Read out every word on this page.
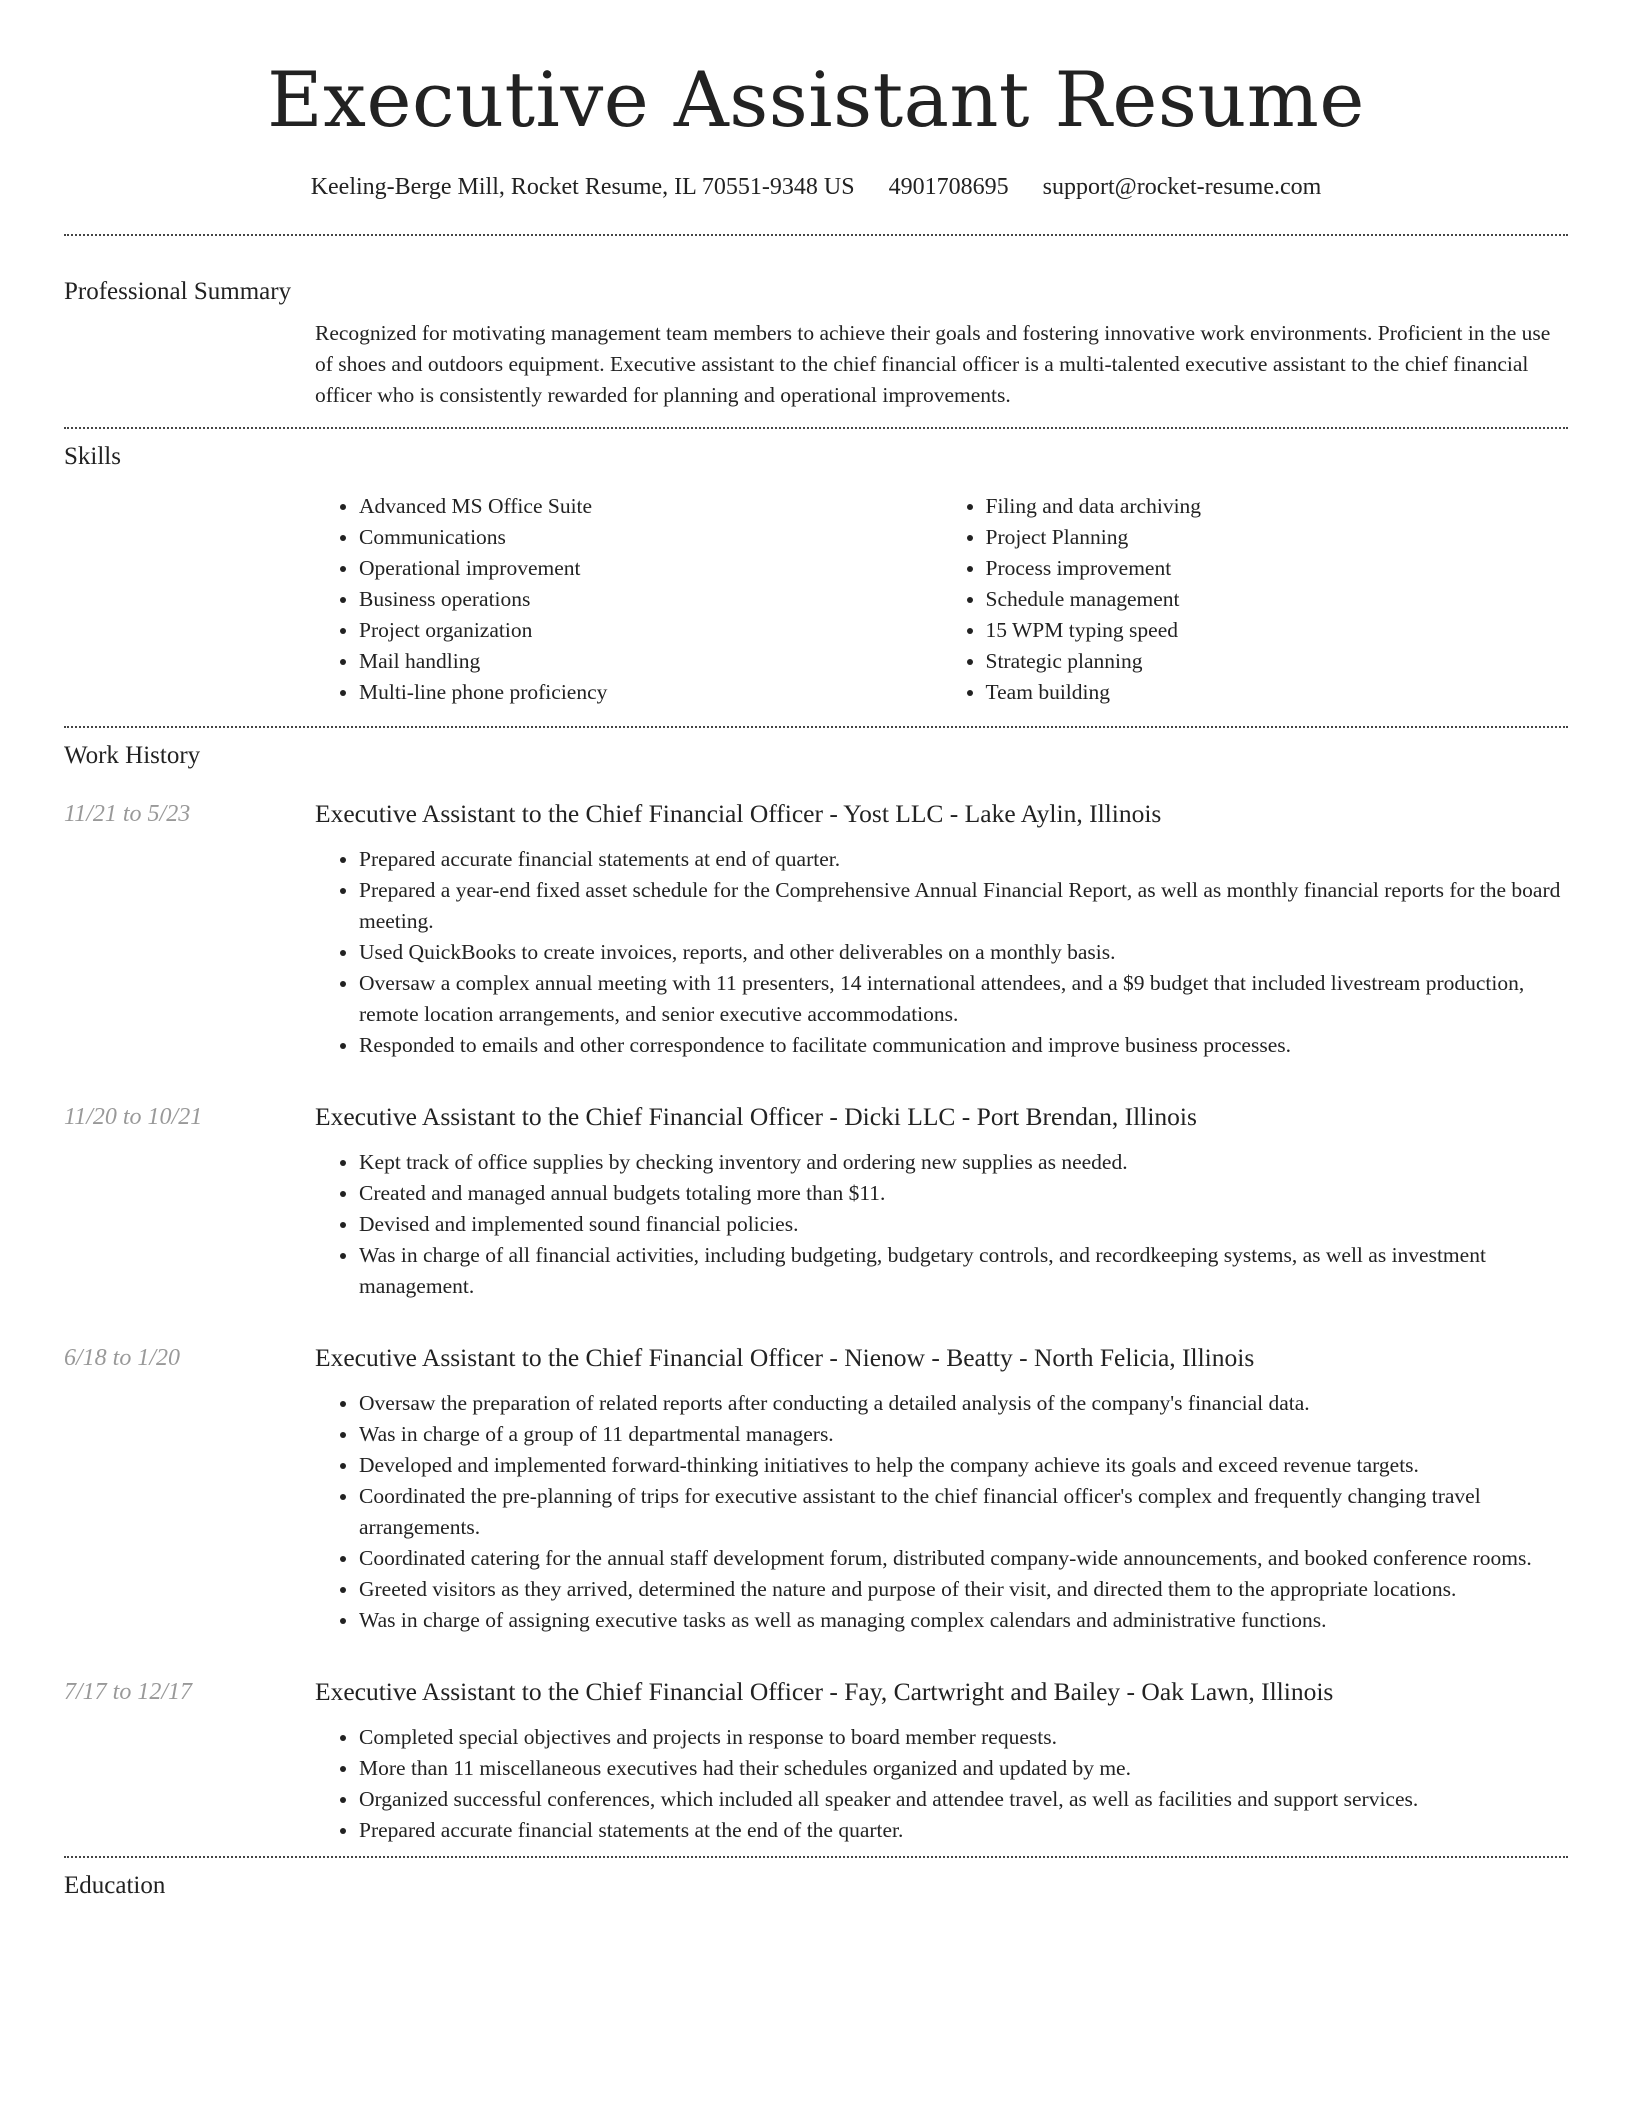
Executive Assistant Resume
Keeling-Berge Mill, Rocket Resume, IL 70551-9348 US 4901708695 support@rocket-resume.com
Professional Summary
Recognized for motivating management team members to achieve their goals and fostering innovative work environments. Proficient in the use of shoes and outdoors equipment. Executive assistant to the chief financial officer is a multi-talented executive assistant to the chief financial officer who is consistently rewarded for planning and operational improvements.
Skills
• Advanced MS Office Suite
• Communications
• Operational improvement
• Business operations
• Project organization
• Mail handling
• Multi-line phone proficiency
• Filing and data archiving
• Project Planning
• Process improvement
• Schedule management
• 15 WPM typing speed
• Strategic planning
• Team building
Work History
11/21 to 5/23	Executive Assistant to the Chief Financial Officer - Yost LLC - Lake Aylin, Illinois
• Prepared accurate financial statements at end of quarter.
• Prepared a year-end fixed asset schedule for the Comprehensive Annual Financial Report, as well as monthly financial reports for the board meeting.
• Used QuickBooks to create invoices, reports, and other deliverables on a monthly basis.
• Oversaw a complex annual meeting with 11 presenters, 14 international attendees, and a $9 budget that included livestream production, remote location arrangements, and senior executive accommodations.
• Responded to emails and other correspondence to facilitate communication and improve business processes.
11/20 to 10/21	Executive Assistant to the Chief Financial Officer - Dicki LLC - Port Brendan, Illinois
• Kept track of office supplies by checking inventory and ordering new supplies as needed.
• Created and managed annual budgets totaling more than $11.
• Devised and implemented sound financial policies.
• Was in charge of all financial activities, including budgeting, budgetary controls, and recordkeeping systems, as well as investment management.
6/18 to 1/20	Executive Assistant to the Chief Financial Officer - Nienow - Beatty - North Felicia, Illinois
• Oversaw the preparation of related reports after conducting a detailed analysis of the company's financial data.
• Was in charge of a group of 11 departmental managers.
• Developed and implemented forward-thinking initiatives to help the company achieve its goals and exceed revenue targets.
• Coordinated the pre-planning of trips for executive assistant to the chief financial officer's complex and frequently changing travel arrangements.
• Coordinated catering for the annual staff development forum, distributed company-wide announcements, and booked conference rooms.
• Greeted visitors as they arrived, determined the nature and purpose of their visit, and directed them to the appropriate locations.
• Was in charge of assigning executive tasks as well as managing complex calendars and administrative functions.
7/17 to 12/17	Executive Assistant to the Chief Financial Officer - Fay, Cartwright and Bailey - Oak Lawn, Illinois
• Completed special objectives and projects in response to board member requests.
• More than 11 miscellaneous executives had their schedules organized and updated by me.
• Organized successful conferences, which included all speaker and attendee travel, as well as facilities and support services.
• Prepared accurate financial statements at the end of the quarter.
Education
